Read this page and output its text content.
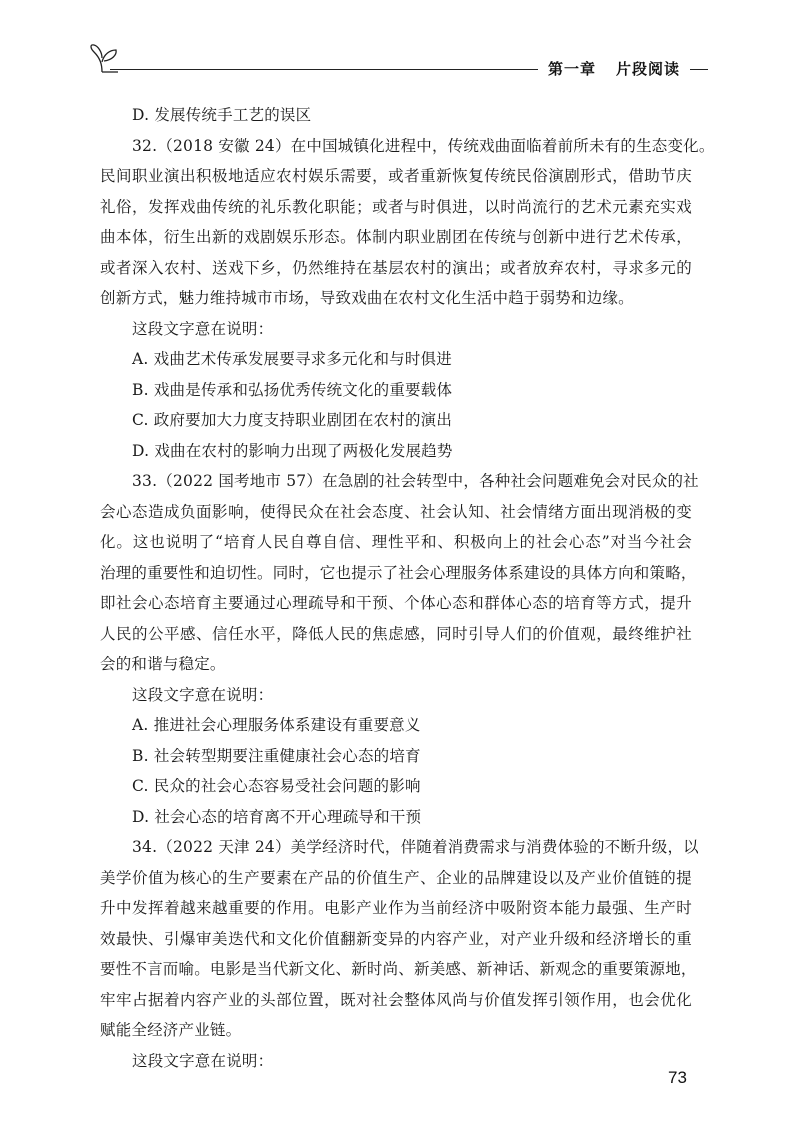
第一章 片段阅读
D. 发展传统手工艺的误区
32.（2018 安徽 24）在中国城镇化进程中，传统戏曲面临着前所未有的生态变化。
民间职业演出积极地适应农村娱乐需要，或者重新恢复传统民俗演剧形式，借助节庆
礼俗，发挥戏曲传统的礼乐教化职能；或者与时俱进，以时尚流行的艺术元素充实戏
曲本体，衍生出新的戏剧娱乐形态。体制内职业剧团在传统与创新中进行艺术传承，
或者深入农村、送戏下乡，仍然维持在基层农村的演出；或者放弃农村，寻求多元的
创新方式，魅力维持城市市场，导致戏曲在农村文化生活中趋于弱势和边缘。
这段文字意在说明：
A. 戏曲艺术传承发展要寻求多元化和与时俱进
B. 戏曲是传承和弘扬优秀传统文化的重要载体
C. 政府要加大力度支持职业剧团在农村的演出
D. 戏曲在农村的影响力出现了两极化发展趋势
33.（2022 国考地市 57）在急剧的社会转型中，各种社会问题难免会对民众的社
会心态造成负面影响，使得民众在社会态度、社会认知、社会情绪方面出现消极的变
化。这也说明了“培育人民自尊自信、理性平和、积极向上的社会心态”对当今社会
治理的重要性和迫切性。同时，它也提示了社会心理服务体系建设的具体方向和策略，
即社会心态培育主要通过心理疏导和干预、个体心态和群体心态的培育等方式，提升
人民的公平感、信任水平，降低人民的焦虑感，同时引导人们的价值观，最终维护社
会的和谐与稳定。
这段文字意在说明：
A. 推进社会心理服务体系建设有重要意义
B. 社会转型期要注重健康社会心态的培育
C. 民众的社会心态容易受社会问题的影响
D. 社会心态的培育离不开心理疏导和干预
34.（2022 天津 24）美学经济时代，伴随着消费需求与消费体验的不断升级，以
美学价值为核心的生产要素在产品的价值生产、企业的品牌建设以及产业价值链的提
升中发挥着越来越重要的作用。电影产业作为当前经济中吸附资本能力最强、生产时
效最快、引爆审美迭代和文化价值翻新变异的内容产业，对产业升级和经济增长的重
要性不言而喻。电影是当代新文化、新时尚、新美感、新神话、新观念的重要策源地，
牢牢占据着内容产业的头部位置，既对社会整体风尚与价值发挥引领作用，也会优化
赋能全经济产业链。
这段文字意在说明：
73
